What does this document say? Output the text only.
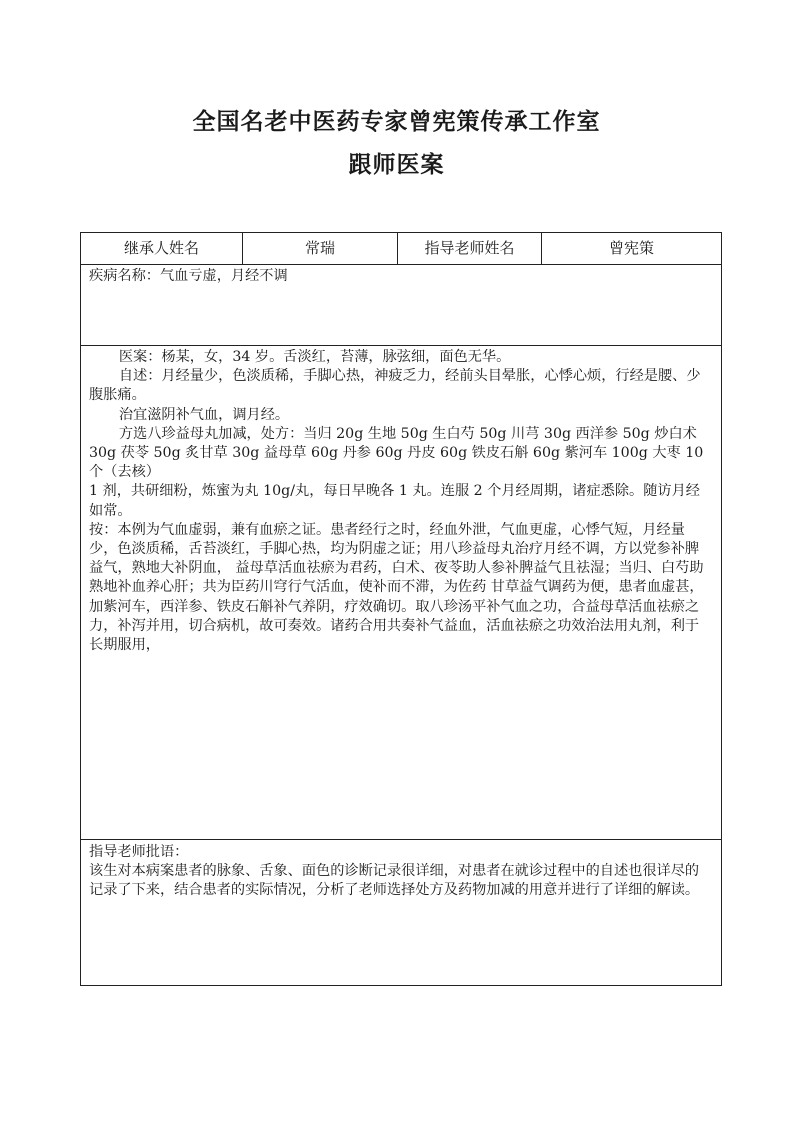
全国名老中医药专家曾宪策传承工作室
跟师医案
继承人姓名	常瑞	指导老师姓名	曾宪策

疾病名称：气血亏虚，月经不调

医案：杨某，女，34 岁。舌淡红，苔薄，脉弦细，面色无华。

自述：月经量少，色淡质稀，手脚心热，神疲乏力，经前头目晕胀，心悸心烦，行经是腰、少腹胀痛。

治宜滋阴补气血，调月经。

方选八珍益母丸加减，处方：当归 20g 生地 50g 生白芍 50g 川芎 30g 西洋参 50g 炒白术 30g 茯苓 50g 炙甘草 30g 益母草 60g 丹参 60g 丹皮 60g 铁皮石斛 60g 紫河车 100g 大枣 10 个（去核）

1 剂，共研细粉，炼蜜为丸 10g/丸，每日早晚各 1 丸。连服 2 个月经周期，诸症悉除。随访月经如常。

按：本例为气血虚弱，兼有血瘀之证。患者经行之时，经血外泄，气血更虚，心悸气短，月经量少，色淡质稀，舌苔淡红，手脚心热，均为阴虚之证；用八珍益母丸治疗月经不调，方以党参补脾益气，熟地大补阴血， 益母草活血祛瘀为君药，白术、夜苓助人参补脾益气且祛湿；当归、白芍助熟地补血养心肝；共为臣药川穹行气活血，使补而不滞，为佐药 甘草益气调药为便，患者血虚甚，加紫河车，西洋参、铁皮石斛补气养阴，疗效确切。取八珍汤平补气血之功，合益母草活血祛瘀之力，补泻并用，切合病机，故可奏效。诸药合用共奏补气益血，活血祛瘀之功效治法用丸剂，利于长期服用，

指导老师批语：

该生对本病案患者的脉象、舌象、面色的诊断记录很详细，对患者在就诊过程中的自述也很详尽的记录了下来，结合患者的实际情况，分析了老师选择处方及药物加减的用意并进行了详细的解读。
